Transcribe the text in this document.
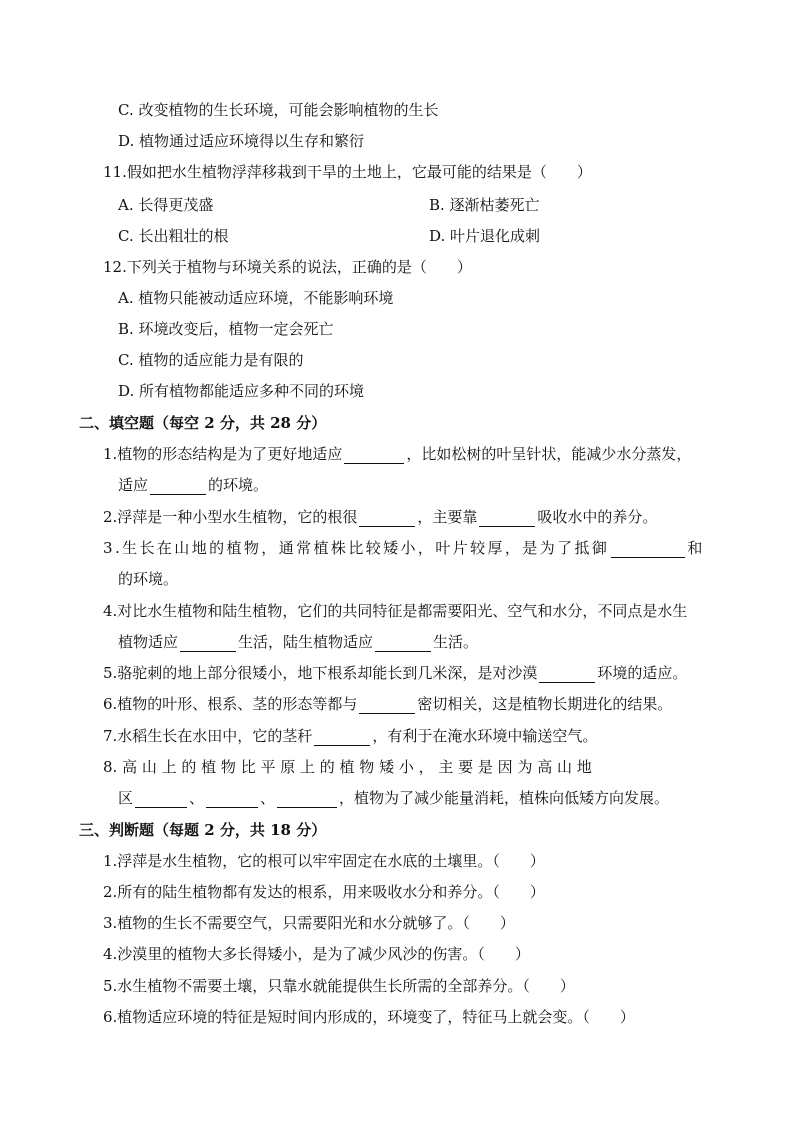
C. 改变植物的生长环境，可能会影响植物的生长
D. 植物通过适应环境得以生存和繁衍
11.假如把水生植物浮萍移栽到干旱的土地上，它最可能的结果是（　　）
A. 长得更茂盛	B. 逐渐枯萎死亡
C. 长出粗壮的根	D. 叶片退化成刺
12.下列关于植物与环境关系的说法，正确的是（　　）
A. 植物只能被动适应环境，不能影响环境
B. 环境改变后，植物一定会死亡
C. 植物的适应能力是有限的
D. 所有植物都能适应多种不同的环境
二、填空题（每空 2 分，共 28 分）
1.植物的形态结构是为了更好地适应	，比如松树的叶呈针状，能减少水分蒸发，
适应	的环境。
2.浮萍是一种小型水生植物，它的根很	，主要靠	吸收水中的养分。
3.生长在山地的植物，通常植株比较矮小，叶片较厚，是为了抵御	和
的环境。
4.对比水生植物和陆生植物，它们的共同特征是都需要阳光、空气和水分，不同点是水生
植物适应	生活，陆生植物适应	生活。
5.骆驼刺的地上部分很矮小，地下根系却能长到几米深，是对沙漠	环境的适应。
6.植物的叶形、根系、茎的形态等都与	密切相关，这是植物长期进化的结果。
7.水稻生长在水田中，它的茎秆	，有利于在淹水环境中输送空气。
8. 高 山 上 的 植 物 比 平 原 上 的 植 物 矮 小 ， 主 要 是 因 为 高 山 地
区	、	、	，植物为了减少能量消耗，植株向低矮方向发展。
三、判断题（每题 2 分，共 18 分）
1.浮萍是水生植物，它的根可以牢牢固定在水底的土壤里。（　　）
2.所有的陆生植物都有发达的根系，用来吸收水分和养分。（　　）
3.植物的生长不需要空气，只需要阳光和水分就够了。（　　）
4.沙漠里的植物大多长得矮小，是为了减少风沙的伤害。（　　）
5.水生植物不需要土壤，只靠水就能提供生长所需的全部养分。（　　）
6.植物适应环境的特征是短时间内形成的，环境变了，特征马上就会变。（　　）
